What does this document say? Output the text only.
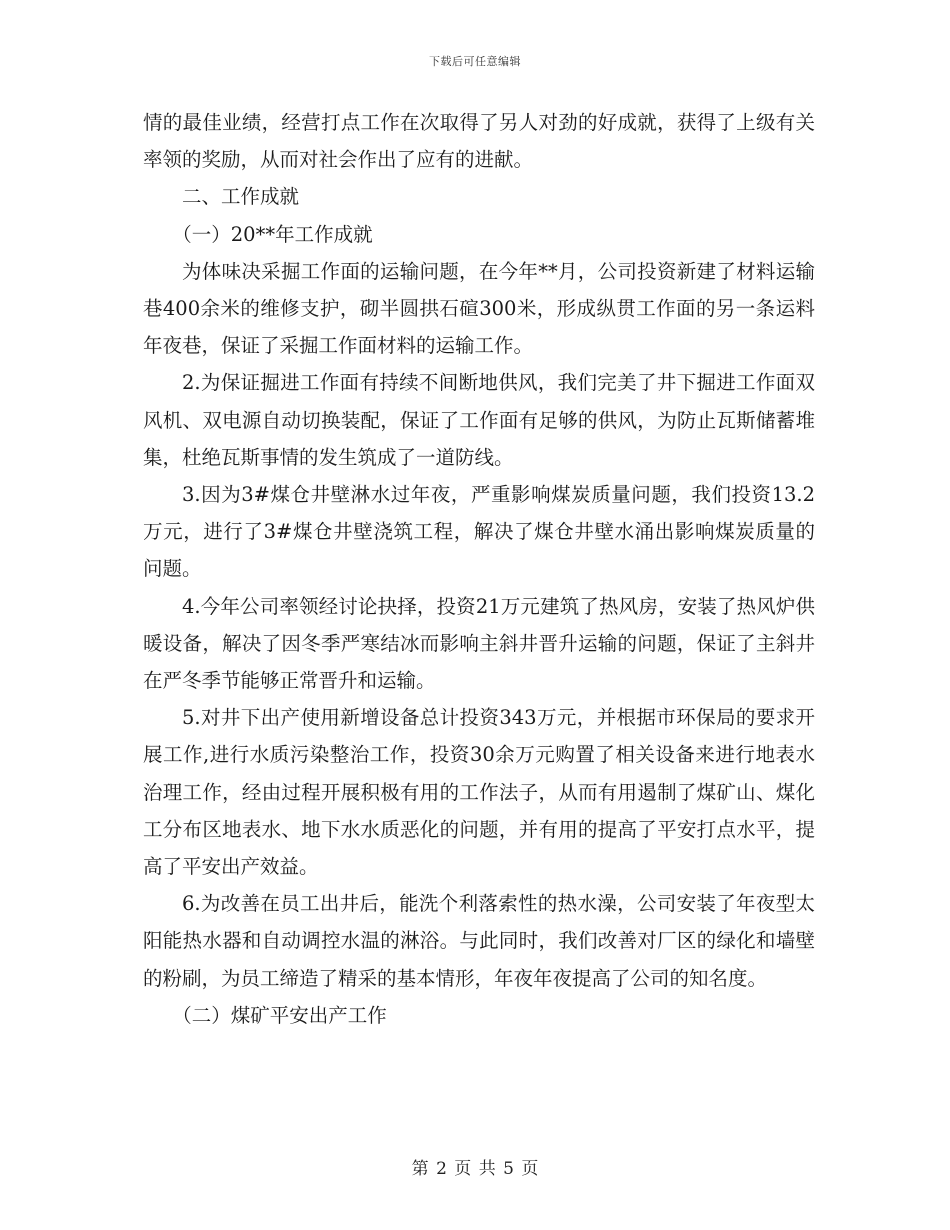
下载后可任意编辑

情的最佳业绩，经营打点工作在次取得了另人对劲的好成就，获得了上级有关率领的奖励，从而对社会作出了应有的进献。

二、工作成就

（一）20**年工作成就

为体味决采掘工作面的运输问题，在今年**月，公司投资新建了材料运输巷400余米的维修支护，砌半圆拱石碹300米，形成纵贯工作面的另一条运料年夜巷，保证了采掘工作面材料的运输工作。

2.为保证掘进工作面有持续不间断地供风，我们完美了井下掘进工作面双风机、双电源自动切换装配，保证了工作面有足够的供风，为防止瓦斯储蓄堆集，杜绝瓦斯事情的发生筑成了一道防线。

3.因为3#煤仓井壁淋水过年夜，严重影响煤炭质量问题，我们投资13.2万元，进行了3#煤仓井壁浇筑工程，解决了煤仓井壁水涌出影响煤炭质量的问题。

4.今年公司率领经讨论抉择，投资21万元建筑了热风房，安装了热风炉供暖设备，解决了因冬季严寒结冰而影响主斜井晋升运输的问题，保证了主斜井在严冬季节能够正常晋升和运输。

5.对井下出产使用新增设备总计投资343万元，并根据市环保局的要求开展工作,进行水质污染整治工作，投资30余万元购置了相关设备来进行地表水治理工作，经由过程开展积极有用的工作法子，从而有用遏制了煤矿山、煤化工分布区地表水、地下水水质恶化的问题，并有用的提高了平安打点水平，提高了平安出产效益。

6.为改善在员工出井后，能洗个利落索性的热水澡，公司安装了年夜型太阳能热水器和自动调控水温的淋浴。与此同时，我们改善对厂区的绿化和墙壁的粉刷，为员工缔造了精采的基本情形，年夜年夜提高了公司的知名度。

（二）煤矿平安出产工作

第 2 页 共 5 页
